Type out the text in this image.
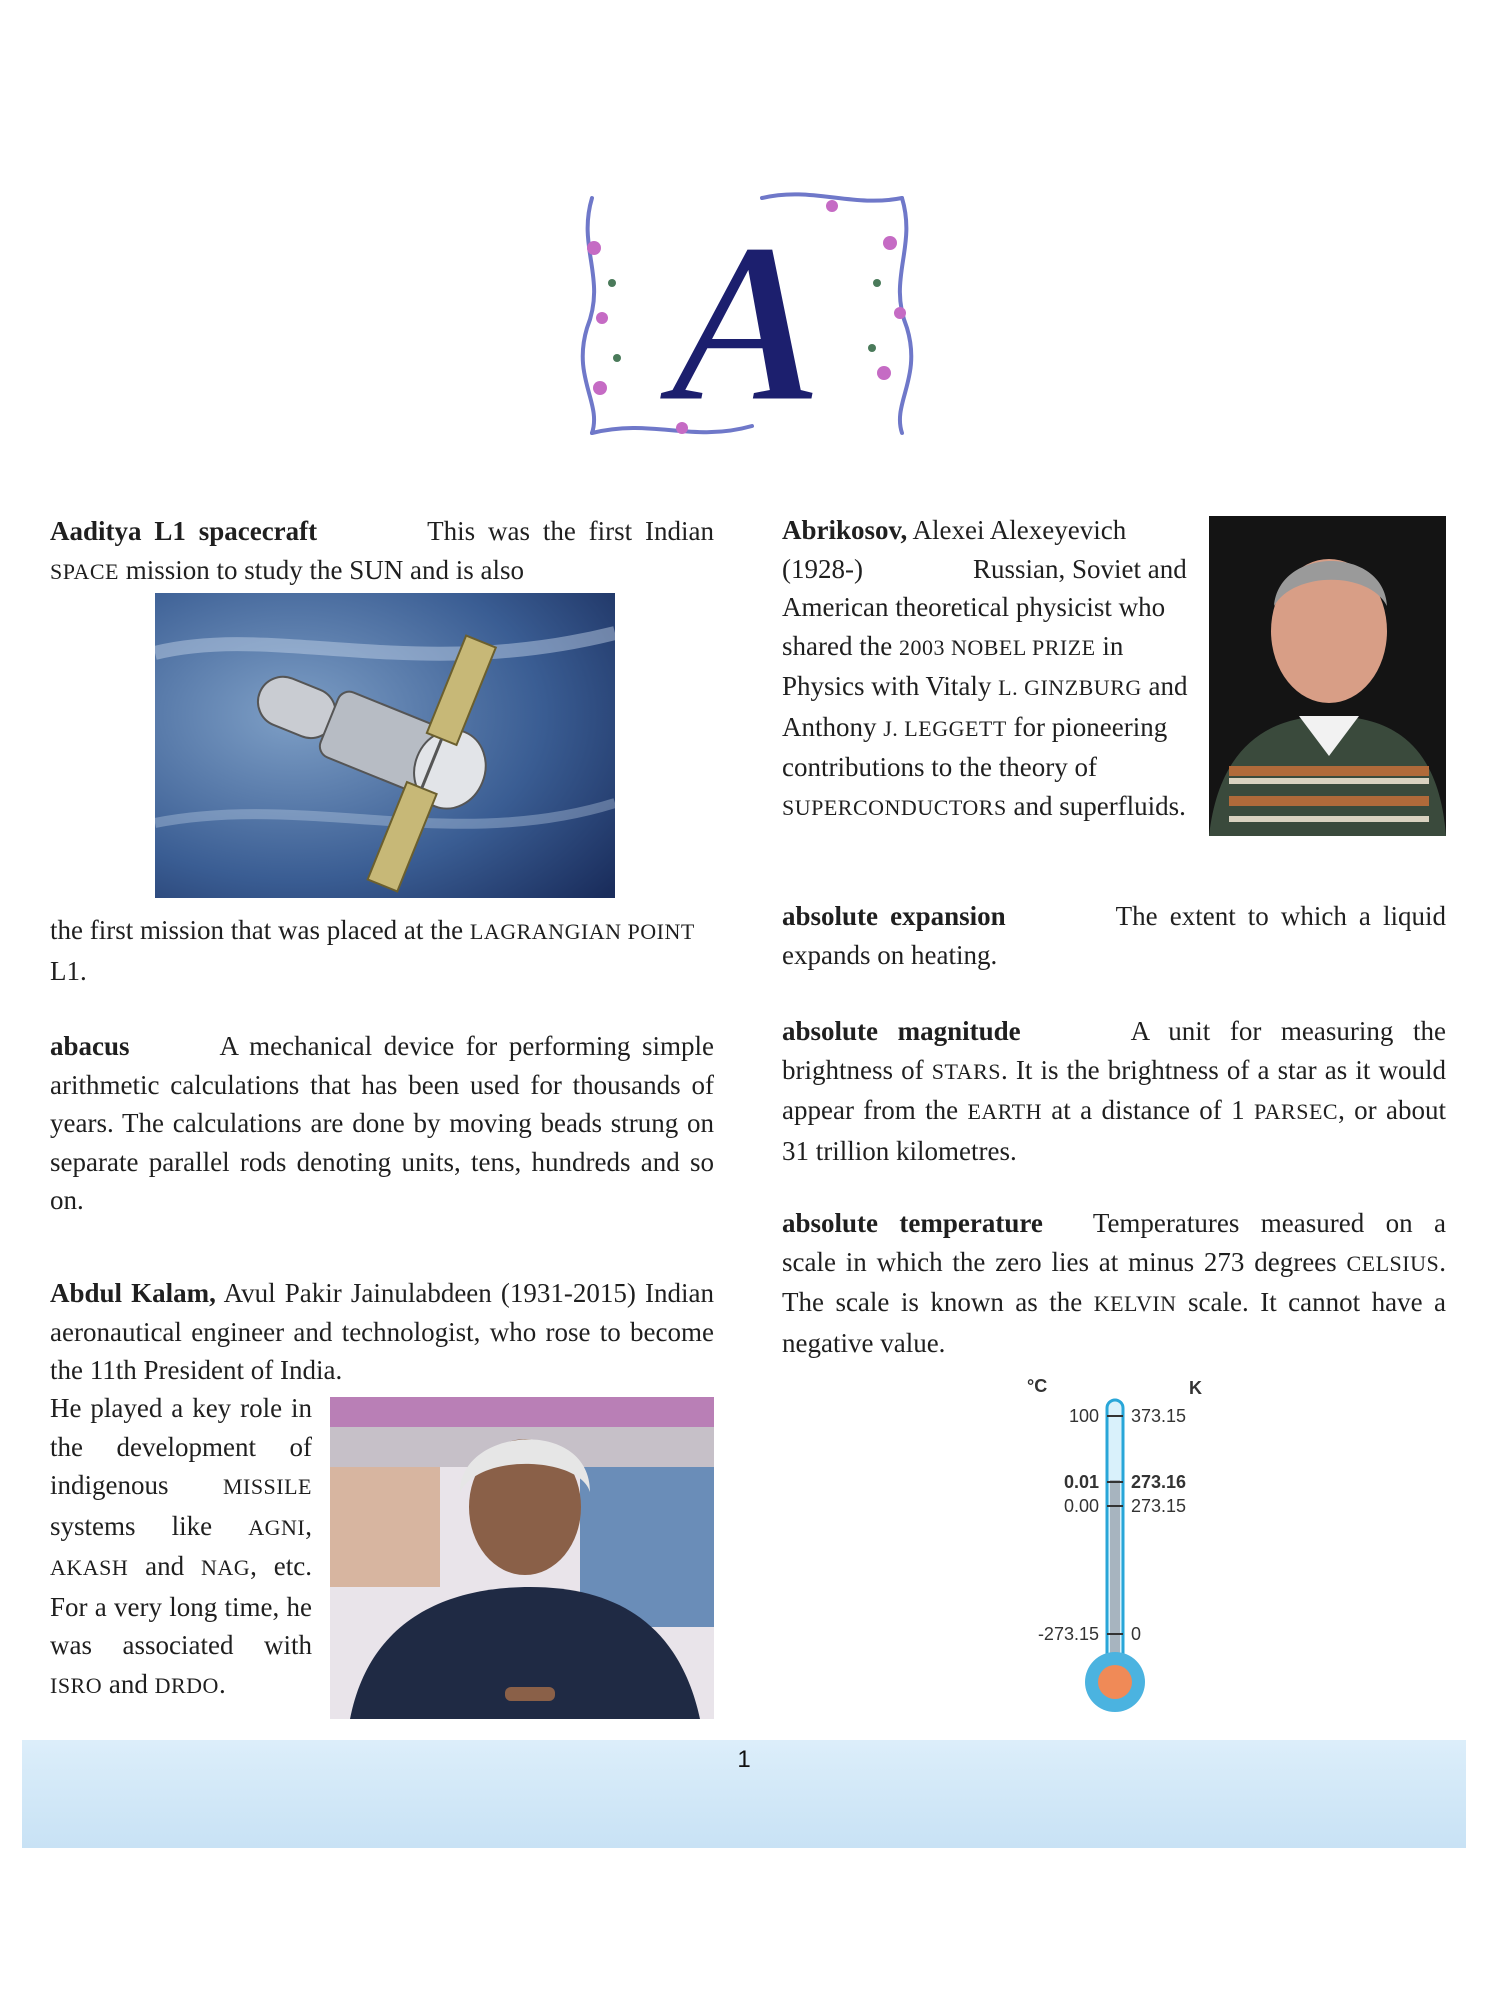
A

Aaditya L1 spacecraft	This was the first Indian SPACE mission to study the SUN and is also

the first mission that was placed at the LAGRANGIAN POINT L1.

abacus	A mechanical device for performing simple arithmetic calculations that has been used for thousands of years. The calculations are done by moving beads strung on separate parallel rods denoting units, tens, hundreds and so on.

Abdul Kalam, Avul Pakir Jainulabdeen (1931-2015) Indian aeronautical engineer and technologist, who rose to become the 11th President of India.

He played a key role in the development of indigenous MISSILE systems like AGNI, AKASH and NAG, etc. For a very long time, he was associated with ISRO and DRDO.

Abrikosov, Alexei Alexeyevich (1928-)	Russian, Soviet and American theoretical physicist who shared the 2003 NOBEL PRIZE in Physics with Vitaly L. GINZBURG and Anthony J. LEGGETT for pioneering contributions to the theory of SUPERCONDUCTORS and superfluids.

absolute expansion	The extent to which a liquid expands on heating.

absolute magnitude	A unit for measuring the brightness of STARS. It is the brightness of a star as it would appear from the EARTH at a distance of 1 PARSEC, or about 31 trillion kilometres.

absolute temperature Temperatures measured on a scale in which the zero lies at minus 273 degrees CELSIUS. The scale is known as the KELVIN scale. It cannot have a negative value.

°C	K
100 373.15
0.01 273.16
0.00 273.15
-273.15 0
1
